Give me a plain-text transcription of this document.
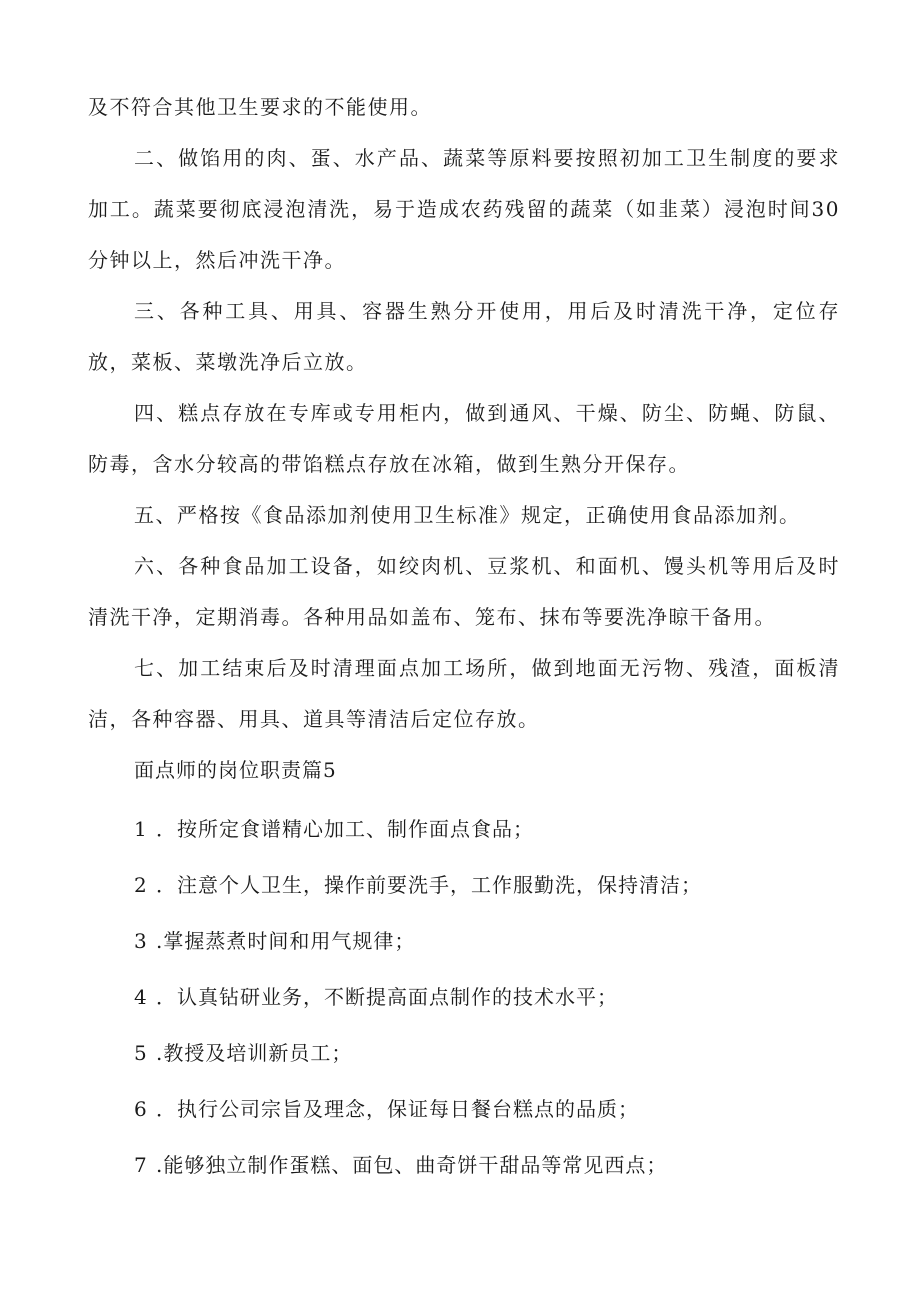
及不符合其他卫生要求的不能使用。

二、做馅用的肉、蛋、水产品、蔬菜等原料要按照初加工卫生制度的要求加工。蔬菜要彻底浸泡清洗，易于造成农药残留的蔬菜（如韭菜）浸泡时间30分钟以上，然后冲洗干净。

三、各种工具、用具、容器生熟分开使用，用后及时清洗干净，定位存放，菜板、菜墩洗净后立放。

四、糕点存放在专库或专用柜内，做到通风、干燥、防尘、防蝇、防鼠、防毒，含水分较高的带馅糕点存放在冰箱，做到生熟分开保存。

五、严格按《食品添加剂使用卫生标准》规定，正确使用食品添加剂。

六、各种食品加工设备，如绞肉机、豆浆机、和面机、馒头机等用后及时清洗干净，定期消毒。各种用品如盖布、笼布、抹布等要洗净晾干备用。

七、加工结束后及时清理面点加工场所，做到地面无污物、残渣，面板清洁，各种容器、用具、道具等清洁后定位存放。

面点师的岗位职责篇5

1 ．按所定食谱精心加工、制作面点食品；

2 ．注意个人卫生，操作前要洗手，工作服勤洗，保持清洁；

3 .掌握蒸煮时间和用气规律；

4 ．认真钻研业务，不断提高面点制作的技术水平；

5 .教授及培训新员工；

6 ．执行公司宗旨及理念，保证每日餐台糕点的品质；

7 .能够独立制作蛋糕、面包、曲奇饼干甜品等常见西点；
